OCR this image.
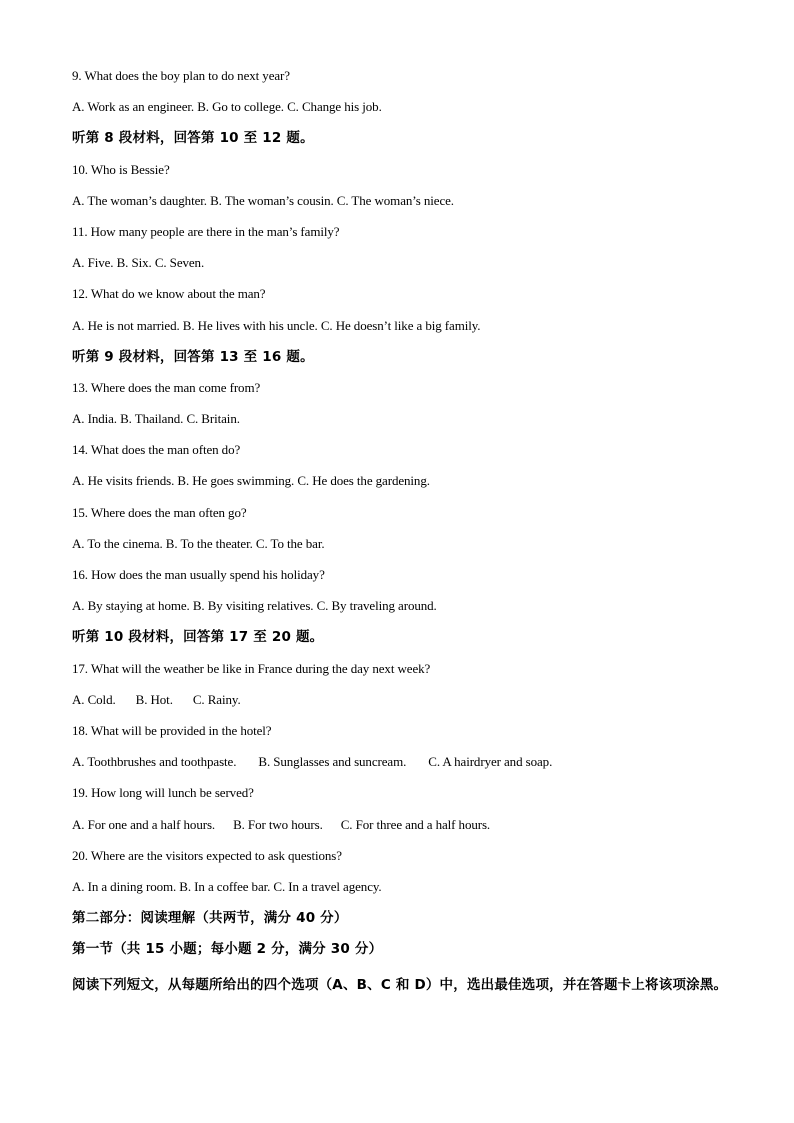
9. What does the boy plan to do next year?
A. Work as an engineer. B. Go to college. C. Change his job.
听第 8 段材料，回答第 10 至 12 题。
10. Who is Bessie?
A. The woman’s daughter. B. The woman’s cousin. C. The woman’s niece.
11. How many people are there in the man’s family?
A. Five. B. Six. C. Seven.
12. What do we know about the man?
A. He is not married. B. He lives with his uncle. C. He doesn’t like a big family.
听第 9 段材料，回答第 13 至 16 题。
13. Where does the man come from?
A. India. B. Thailand. C. Britain.
14. What does the man often do?
A. He visits friends. B. He goes swimming. C. He does the gardening.
15. Where does the man often go?
A. To the cinema. B. To the theater. C. To the bar.
16. How does the man usually spend his holiday?
A. By staying at home. B. By visiting relatives. C. By traveling around.
听第 10 段材料，回答第 17 至 20 题。
17. What will the weather be like in France during the day next week?
A. Cold. B. Hot. C. Rainy.
18. What will be provided in the hotel?
A. Toothbrushes and toothpaste. B. Sunglasses and suncream. C. A hairdryer and soap.
19. How long will lunch be served?
A. For one and a half hours. B. For two hours. C. For three and a half hours.
20. Where are the visitors expected to ask questions?
A. In a dining room. B. In a coffee bar. C. In a travel agency.
第二部分：阅读理解（共两节，满分 40 分）
第一节（共 15 小题；每小题 2 分，满分 30 分）
阅读下列短文，从每题所给出的四个选项（A、B、C 和 D）中，选出最佳选项，并在答题卡上将该项涂黑。
